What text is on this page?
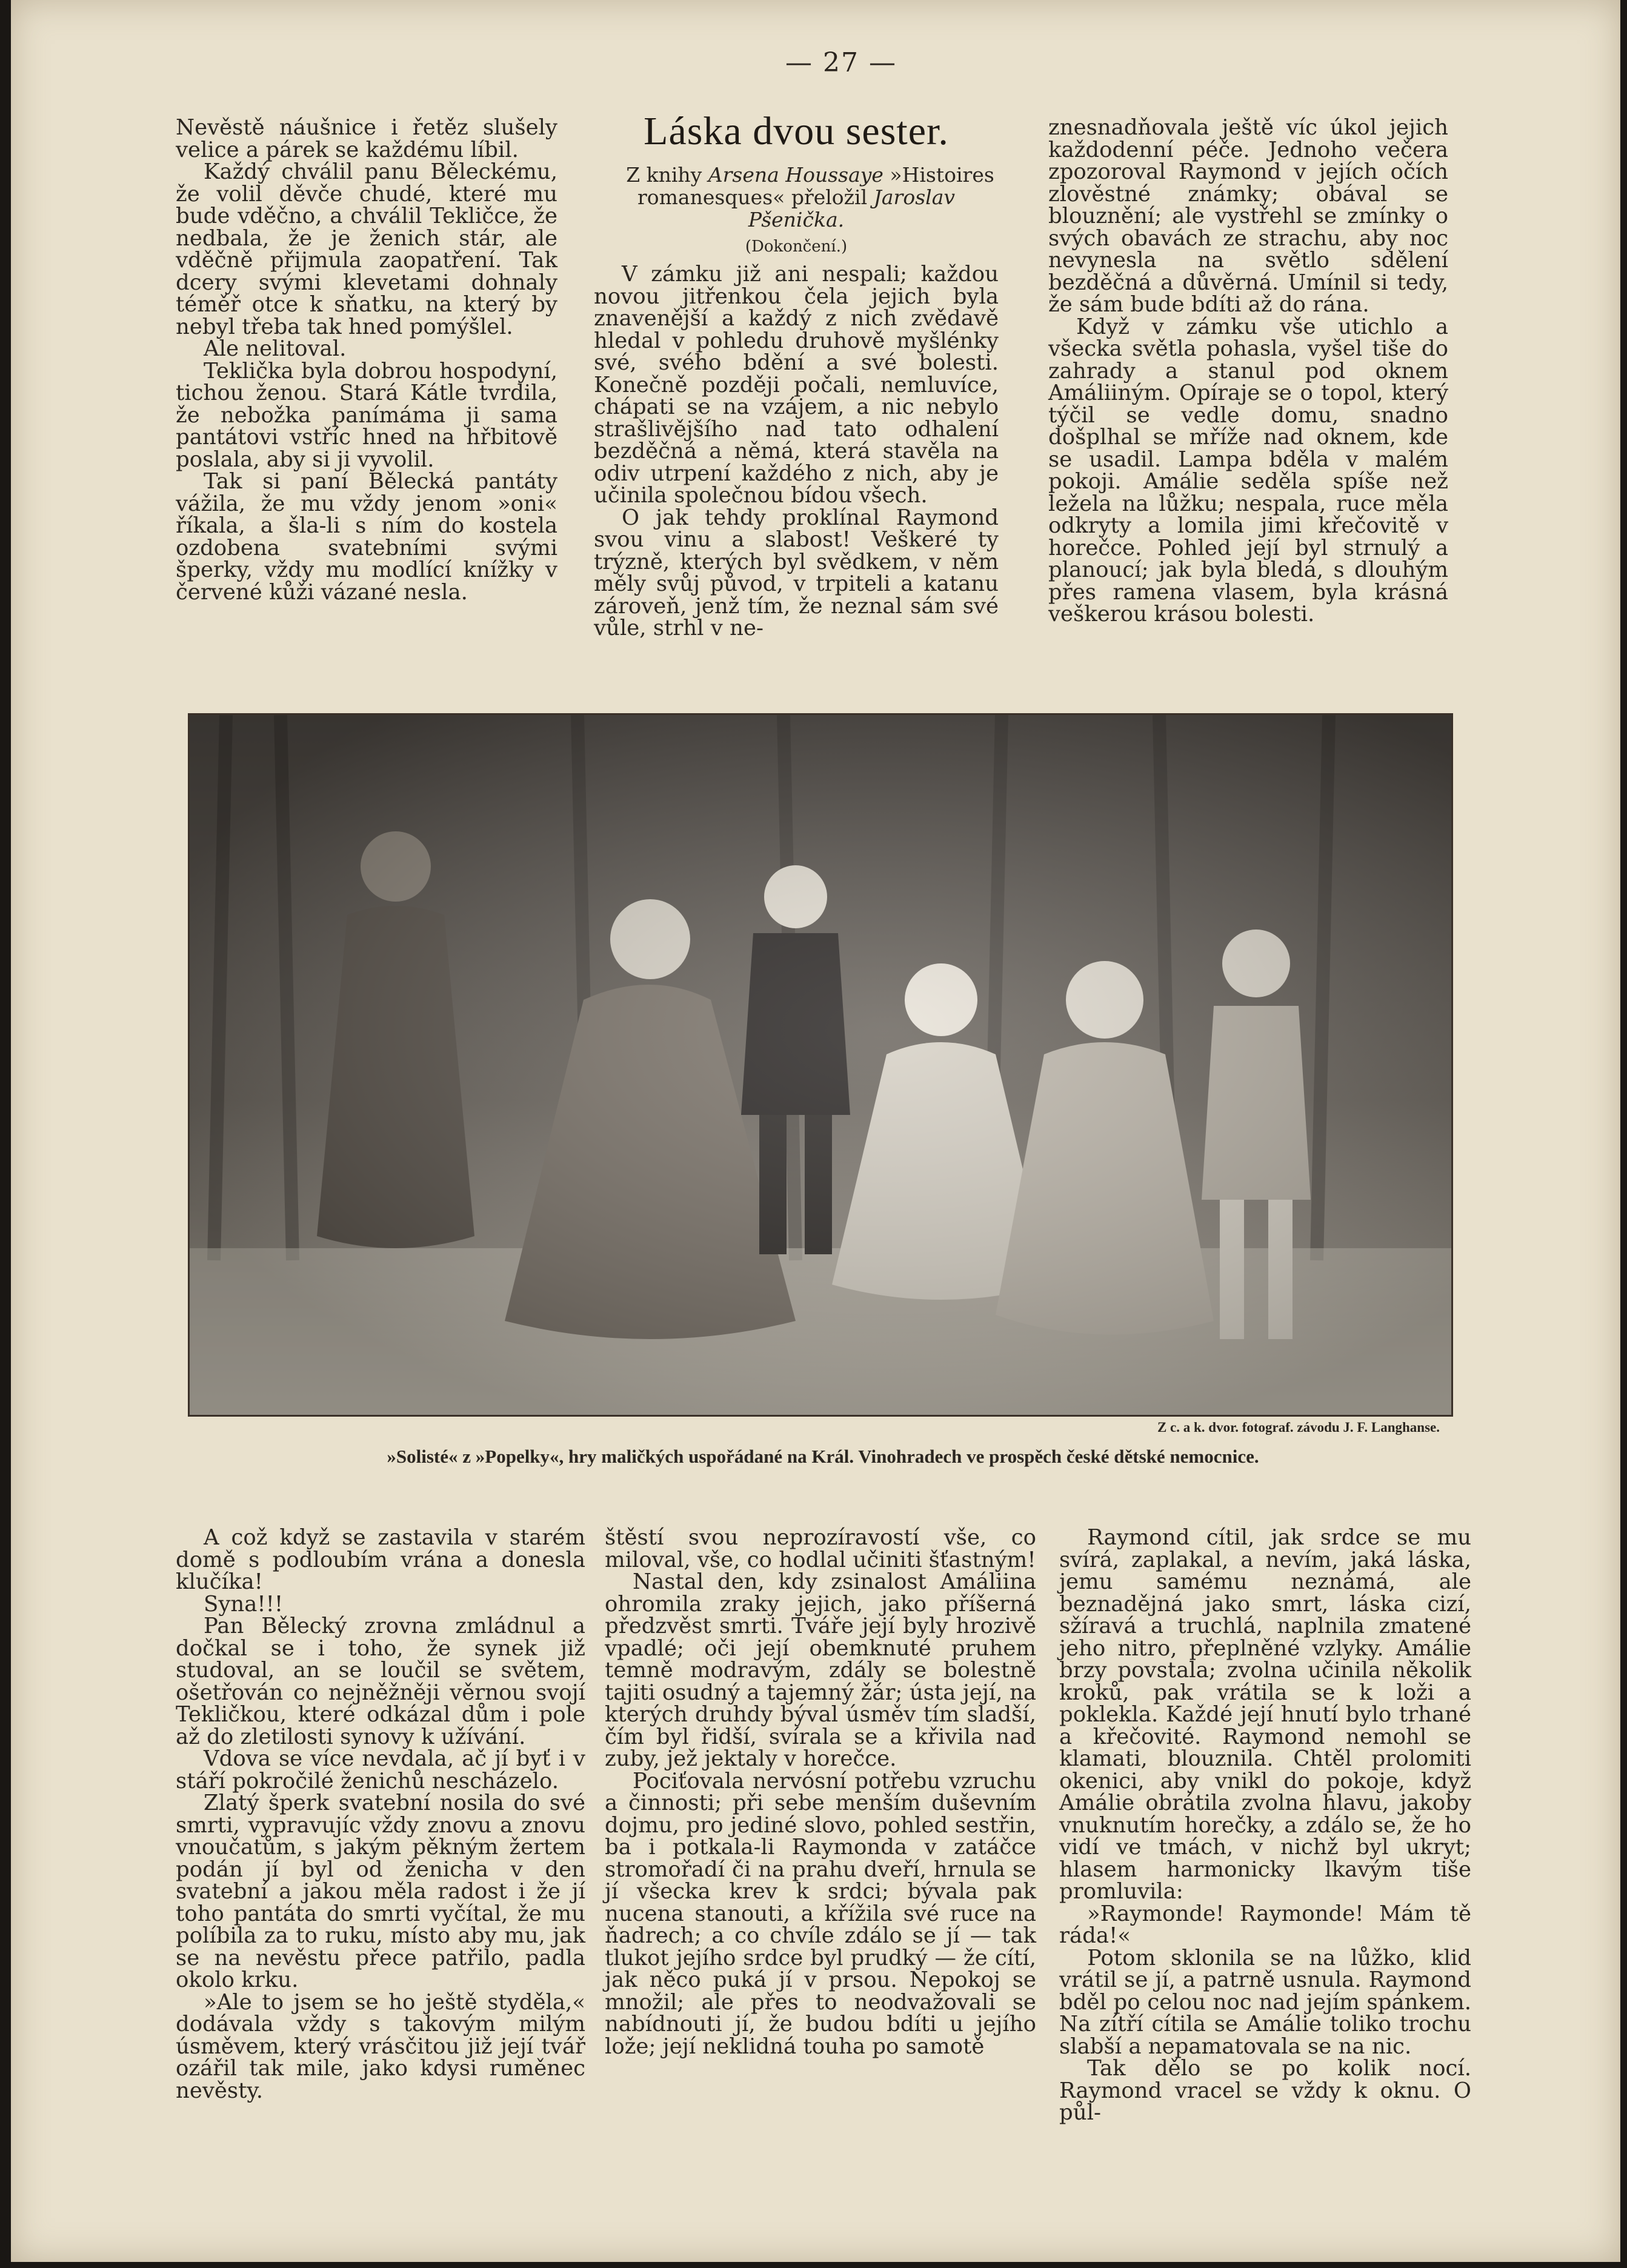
— 27 —

Nevěstě náušnice i řetěz slušely velice a párek se každému líbil.

Každý chválil panu Běleckému, že volil děvče chudé, které mu bude vděčno, a chválil Tekličce, že nedbala, že je ženich stár, ale vděčně přijmula zaopatření. Tak dcery svými klevetami dohnaly téměř otce k sňatku, na který by nebyl třeba tak hned pomýšlel.

Ale nelitoval.

Teklička byla dobrou hospodyní, tichou ženou. Stará Kátle tvrdila, že nebožka panímáma ji sama pantátovi vstříc hned na hřbitově poslala, aby si ji vyvolil.

Tak si paní Bělecká pantáty vážila, že mu vždy jenom »oni« říkala, a šla-li s ním do kostela ozdobena svatebními svými šperky, vždy mu modlící knížky v červené kůži vázané nesla.

Láska dvou sester.

Z knihy Arsena Houssaye »Histoires romanesques« přeložil Jaroslav Pšenička.

(Dokončení.)

V zámku již ani nespali; každou novou jitřenkou čela jejich byla znavenější a každý z nich zvědavě hledal v pohledu druhově myšlénky své, svého bdění a své bolesti. Konečně později počali, nemluvíce, chápati se na vzájem, a nic nebylo strašlivějšího nad tato odhalení bezděčná a němá, která stavěla na odiv utrpení každého z nich, aby je učinila společnou bídou všech.

O jak tehdy proklínal Raymond svou vinu a slabost! Veškeré ty trýzně, kterých byl svědkem, v něm měly svůj původ, v trpiteli a katanu zároveň, jenž tím, že neznal sám své vůle, strhl v ne-

znesnadňovala ještě víc úkol jejich každodenní péče. Jednoho večera zpozoroval Raymond v jejích očích zlověstné známky; obával se blouznění; ale vystřehl se zmínky o svých obavách ze strachu, aby noc nevynesla na světlo sdělení bezděčná a důvěrná. Umínil si tedy, že sám bude bdíti až do rána.

Když v zámku vše utichlo a všecka světla pohasla, vyšel tiše do zahrady a stanul pod oknem Amáliiným. Opíraje se o topol, který týčil se vedle domu, snadno došplhal se mříže nad oknem, kde se usadil. Lampa bděla v malém pokoji. Amálie seděla spíše než ležela na lůžku; nespala, ruce měla odkryty a lomila jimi křečovitě v horečce. Pohled její byl strnulý a planoucí; jak byla bledá, s dlouhým přes ramena vlasem, byla krásná veškerou krásou bolesti.

Z c. a k. dvor. fotograf. závodu J. F. Langhanse.
»Solisté« z »Popelky«, hry maličkých uspořádané na Král. Vinohradech ve prospěch české dětské nemocnice.

A což když se zastavila v starém domě s podloubím vrána a donesla klučíka!

Syna!!!

Pan Bělecký zrovna zmládnul a dočkal se i toho, že synek již studoval, an se loučil se světem, ošetřován co nejněžněji věrnou svojí Tekličkou, které odkázal dům i pole až do zletilosti synovy k užívání.

Vdova se více nevdala, ač jí byť i v stáří pokročilé ženichů nescházelo.

Zlatý šperk svatební nosila do své smrti, vypravujíc vždy znovu a znovu vnoučatům, s jakým pěkným žertem podán jí byl od ženicha v den svatební a jakou měla radost i že jí toho pantáta do smrti vyčítal, že mu políbila za to ruku, místo aby mu, jak se na nevěstu přece patřilo, padla okolo krku.

»Ale to jsem se ho ještě styděla,« dodávala vždy s takovým milým úsměvem, který vrásčitou již její tvář ozářil tak mile, jako kdysi ruměnec nevěsty.

štěstí svou neprozíravostí vše, co miloval, vše, co hodlal učiniti šťastným!

Nastal den, kdy zsinalost Amáliina ohromila zraky jejich, jako příšerná předzvěst smrti. Tváře její byly hrozivě vpadlé; oči její obemknuté pruhem temně modravým, zdály se bolestně tajiti osudný a tajemný žár; ústa její, na kterých druhdy býval úsměv tím sladší, čím byl řidší, svírala se a křivila nad zuby, jež jektaly v horečce.

Pociťovala nervósní potřebu vzruchu a činnosti; při sebe menším duševním dojmu, pro jediné slovo, pohled sestřin, ba i potkala-li Raymonda v zatáčce stromořadí či na prahu dveří, hrnula se jí všecka krev k srdci; bývala pak nucena stanouti, a křížila své ruce na ňadrech; a co chvíle zdálo se jí — tak tlukot jejího srdce byl prudký — že cítí, jak něco puká jí v prsou. Nepokoj se množil; ale přes to neodvažovali se nabídnouti jí, že budou bdíti u jejího lože; její neklidná touha po samotě

Raymond cítil, jak srdce se mu svírá, zaplakal, a nevím, jaká láska, jemu samému neznámá, ale beznadějná jako smrt, láska cizí, sžíravá a truchlá, naplnila zmatené jeho nitro, přeplněné vzlyky. Amálie brzy povstala; zvolna učinila několik kroků, pak vrátila se k loži a poklekla. Každé její hnutí bylo trhané a křečovité. Raymond nemohl se klamati, blouznila. Chtěl prolomiti okenici, aby vnikl do pokoje, když Amálie obrátila zvolna hlavu, jakoby vnuknutím horečky, a zdálo se, že ho vidí ve tmách, v nichž byl ukryt; hlasem harmonicky lkavým tiše promluvila:

»Raymonde! Raymonde! Mám tě ráda!«

Potom sklonila se na lůžko, klid vrátil se jí, a patrně usnula. Raymond bděl po celou noc nad jejím spánkem. Na zítří cítila se Amálie toliko trochu slabší a nepamatovala se na nic.

Tak dělo se po kolik nocí. Raymond vracel se vždy k oknu. O půl-
